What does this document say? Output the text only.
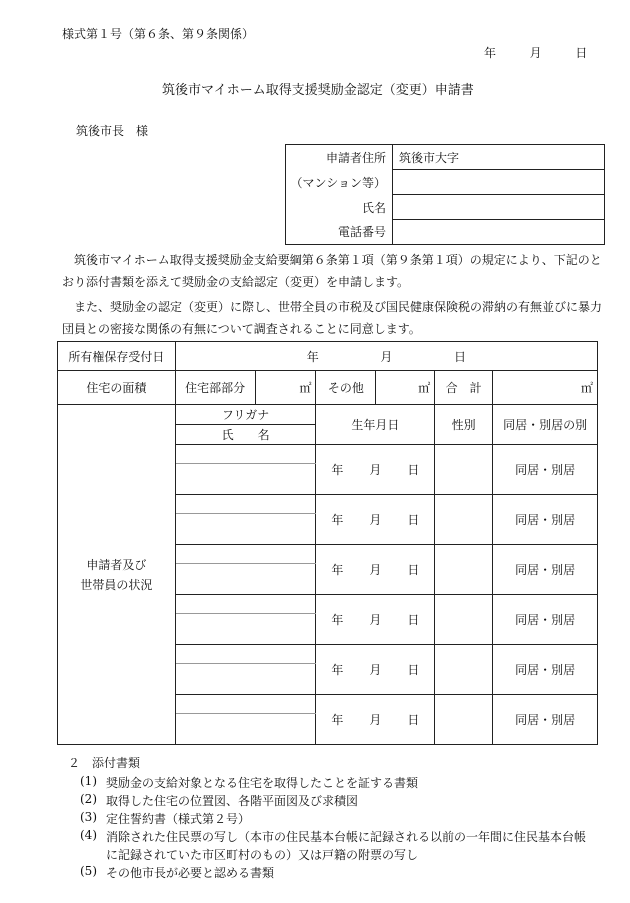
様式第１号（第６条、第９条関係）
年	月	日
筑後市マイホーム取得支援奨励金認定（変更）申請書
筑後市長　様
申請者住所	筑後市大字
（マンション等）	
氏名	
電話番号	
筑後市マイホーム取得支援奨励金支給要綱第６条第１項（第９条第１項）の規定により、下記のとおり添付書類を添えて奨励金の支給認定（変更）を申請します。
また、奨励金の認定（変更）に際し、世帯全員の市税及び国民健康保険税の滞納の有無並びに暴力団員との密接な関係の有無について調査されることに同意します。
所有権保存受付日	年 月 日					
住宅の面積	住宅部部分	㎡	その他	㎡	合　計	㎡

申請者及び
世帯員の状況	フリガナ		生年月日		性別	同居・別居の別
	氏　　名					
			年 月 日			同居・別居

			年 月 日			同居・別居

			年 月 日			同居・別居

			年 月 日			同居・別居

			年 月 日			同居・別居

			年 月 日			同居・別居

２　添付書類
(1) 奨励金の支給対象となる住宅を取得したことを証する書類
(2) 取得した住宅の位置図、各階平面図及び求積図
(3) 定住誓約書（様式第２号）
(4) 消除された住民票の写し（本市の住民基本台帳に記録される以前の一年間に住民基本台帳に記録されていた市区町村のもの）又は戸籍の附票の写し
(5) その他市長が必要と認める書類
